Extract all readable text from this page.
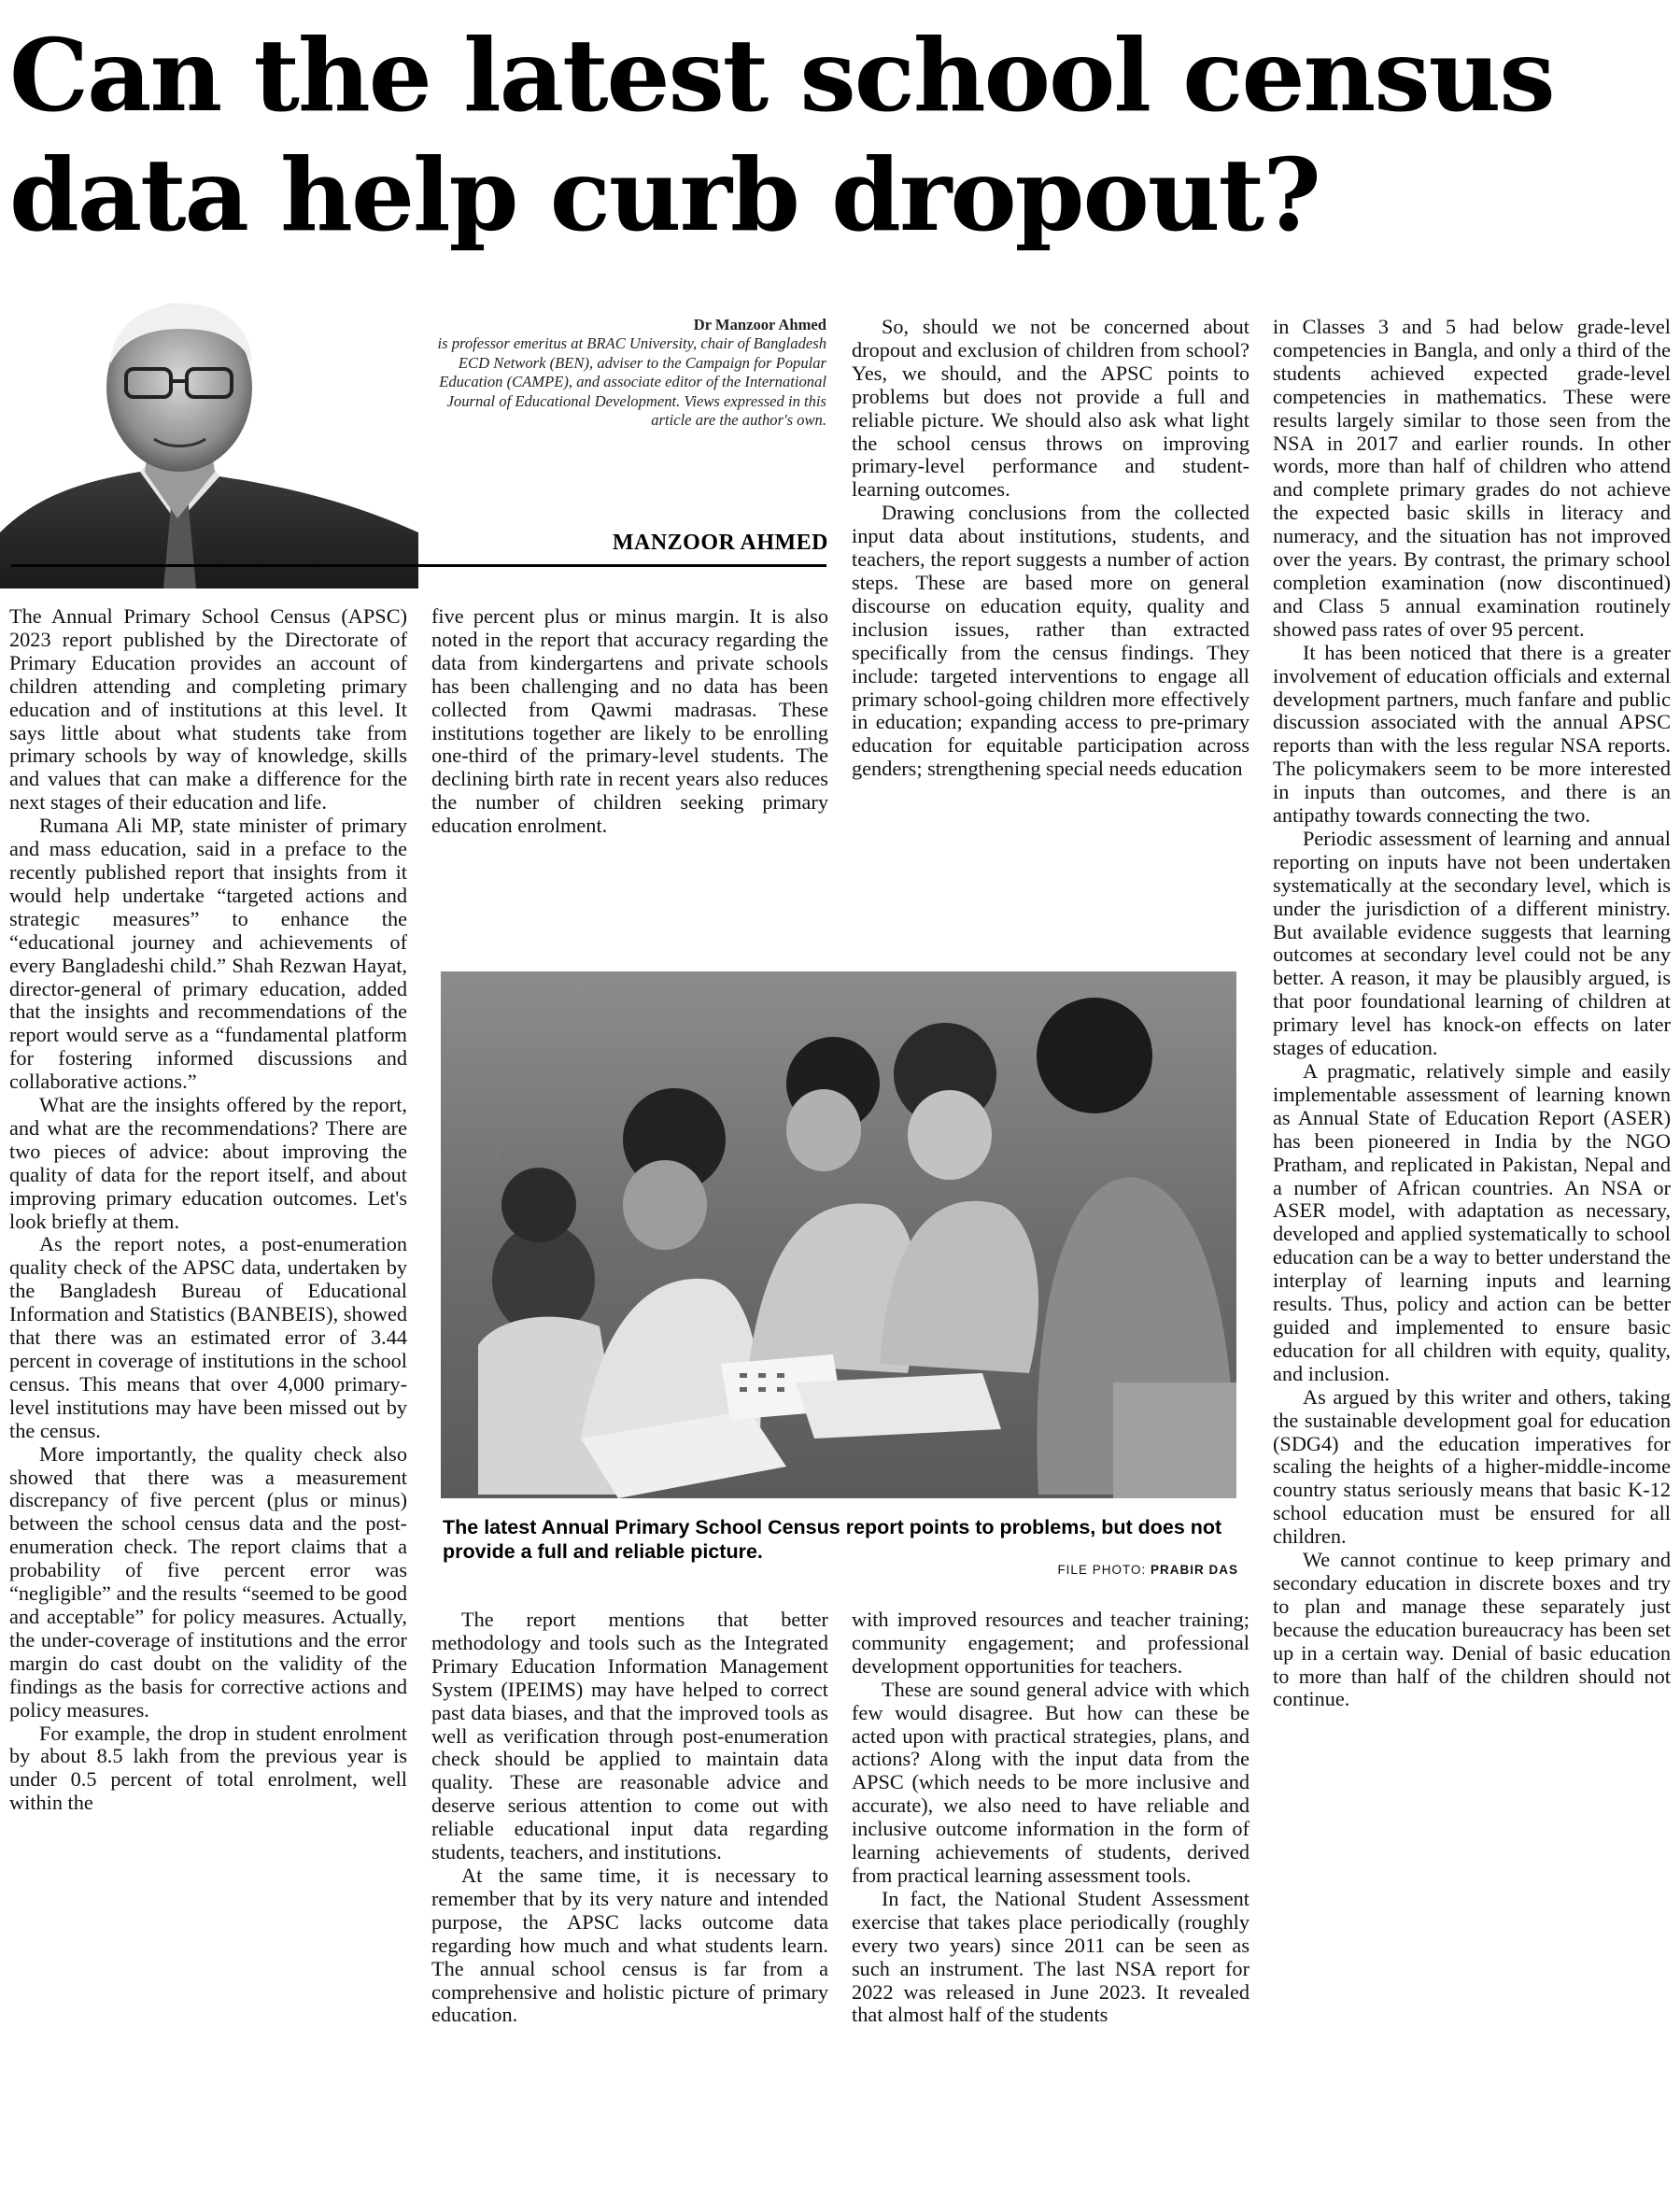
Can the latest school census data help curb dropout?
Dr Manzoor Ahmed
is professor emeritus at BRAC University, chair of Bangladesh ECD Network (BEN), adviser to the Campaign for Popular Education (CAMPE), and associate editor of the International Journal of Educational Development. Views expressed in this article are the author's own.
MANZOOR AHMED

The Annual Primary School Census (APSC) 2023 report published by the Directorate of Primary Education provides an account of children attending and completing primary education and of institutions at this level. It says little about what students take from primary schools by way of knowledge, skills and values that can make a difference for the next stages of their education and life.

Rumana Ali MP, state minister of primary and mass education, said in a preface to the recently published report that insights from it would help undertake “targeted actions and strategic measures” to enhance the “educational journey and achievements of every Bangladeshi child.” Shah Rezwan Hayat, director-general of primary education, added that the insights and recommendations of the report would serve as a “fundamental platform for fostering informed discussions and collaborative actions.”

What are the insights offered by the report, and what are the recommendations? There are two pieces of advice: about improving the quality of data for the report itself, and about improving primary education outcomes. Let's look briefly at them.

As the report notes, a post-enumeration quality check of the APSC data, undertaken by the Bangladesh Bureau of Educational Information and Statistics (BANBEIS), showed that there was an estimated error of 3.44 percent in coverage of institutions in the school census. This means that over 4,000 primary-level institutions may have been missed out by the census.

More importantly, the quality check also showed that there was a measurement discrepancy of five percent (plus or minus) between the school census data and the post-enumeration check. The report claims that a probability of five percent error was “negligible” and the results “seemed to be good and acceptable” for policy measures. Actually, the under-coverage of institutions and the error margin do cast doubt on the validity of the findings as the basis for corrective actions and policy measures.

For example, the drop in student enrolment by about 8.5 lakh from the previous year is under 0.5 percent of total enrolment, well within the

five percent plus or minus margin. It is also noted in the report that accuracy regarding the data from kindergartens and private schools has been challenging and no data has been collected from Qawmi madrasas. These institutions together are likely to be enrolling one-third of the primary-level students. The declining birth rate in recent years also reduces the number of children seeking primary education enrolment.

So, should we not be concerned about dropout and exclusion of children from school? Yes, we should, and the APSC points to problems but does not provide a full and reliable picture. We should also ask what light the school census throws on improving primary-level performance and student-learning outcomes.

Drawing conclusions from the collected input data about institutions, students, and teachers, the report suggests a number of action steps. These are based more on general discourse on education equity, quality and inclusion issues, rather than extracted specifically from the census findings. They include: targeted interventions to engage all primary school-going children more effectively in education; expanding access to pre-primary education for equitable participation across genders; strengthening special needs education

The latest Annual Primary School Census report points to problems, but does not provide a full and reliable picture.
FILE PHOTO: PRABIR DAS

The report mentions that better methodology and tools such as the Integrated Primary Education Information Management System (IPEIMS) may have helped to correct past data biases, and that the improved tools as well as verification through post-enumeration check should be applied to maintain data quality. These are reasonable advice and deserve serious attention to come out with reliable educational input data regarding students, teachers, and institutions.

At the same time, it is necessary to remember that by its very nature and intended purpose, the APSC lacks outcome data regarding how much and what students learn. The annual school census is far from a comprehensive and holistic picture of primary education.

with improved resources and teacher training; community engagement; and professional development opportunities for teachers.

These are sound general advice with which few would disagree. But how can these be acted upon with practical strategies, plans, and actions? Along with the input data from the APSC (which needs to be more inclusive and accurate), we also need to have reliable and inclusive outcome information in the form of learning achievements of students, derived from practical learning assessment tools.

In fact, the National Student Assessment exercise that takes place periodically (roughly every two years) since 2011 can be seen as such an instrument. The last NSA report for 2022 was released in June 2023. It revealed that almost half of the students

in Classes 3 and 5 had below grade-level competencies in Bangla, and only a third of the students achieved expected grade-level competencies in mathematics. These were results largely similar to those seen from the NSA in 2017 and earlier rounds. In other words, more than half of children who attend and complete primary grades do not achieve the expected basic skills in literacy and numeracy, and the situation has not improved over the years. By contrast, the primary school completion examination (now discontinued) and Class 5 annual examination routinely showed pass rates of over 95 percent.

It has been noticed that there is a greater involvement of education officials and external development partners, much fanfare and public discussion associated with the annual APSC reports than with the less regular NSA reports. The policymakers seem to be more interested in inputs than outcomes, and there is an antipathy towards connecting the two.

Periodic assessment of learning and annual reporting on inputs have not been undertaken systematically at the secondary level, which is under the jurisdiction of a different ministry. But available evidence suggests that learning outcomes at secondary level could not be any better. A reason, it may be plausibly argued, is that poor foundational learning of children at primary level has knock-on effects on later stages of education.

A pragmatic, relatively simple and easily implementable assessment of learning known as Annual State of Education Report (ASER) has been pioneered in India by the NGO Pratham, and replicated in Pakistan, Nepal and a number of African countries. An NSA or ASER model, with adaptation as necessary, developed and applied systematically to school education can be a way to better understand the interplay of learning inputs and learning results. Thus, policy and action can be better guided and implemented to ensure basic education for all children with equity, quality, and inclusion.

As argued by this writer and others, taking the sustainable development goal for education (SDG4) and the education imperatives for scaling the heights of a higher-middle-income country status seriously means that basic K-12 school education must be ensured for all children.

We cannot continue to keep primary and secondary education in discrete boxes and try to plan and manage these separately just because the education bureaucracy has been set up in a certain way. Denial of basic education to more than half of the children should not continue.
